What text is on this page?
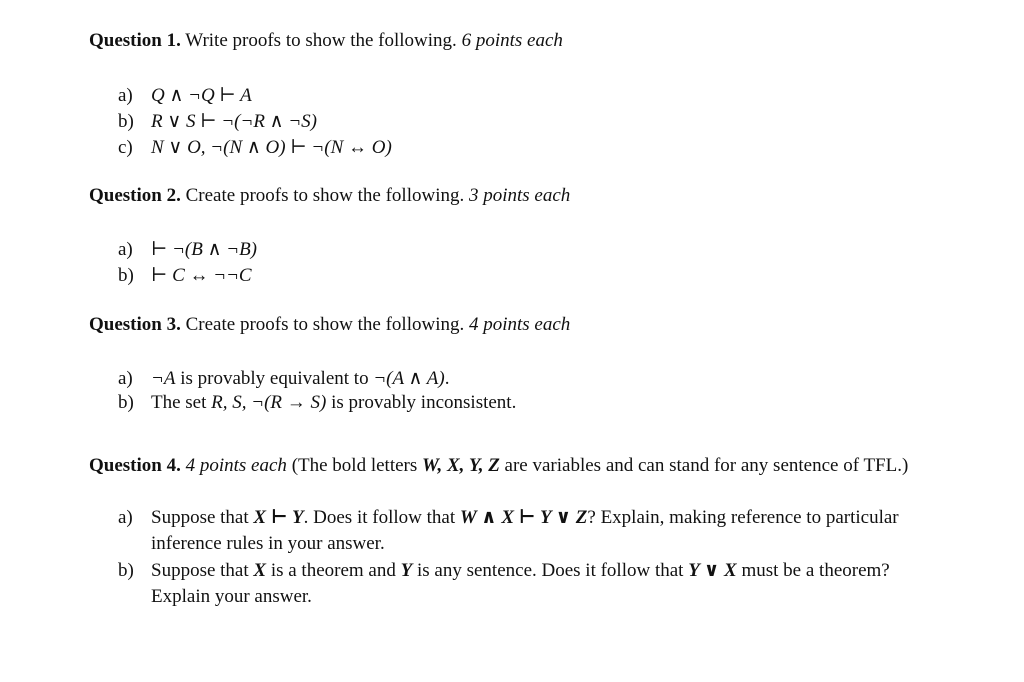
Question 1. Write proofs to show the following. 6 points each
a) Q ∧ ¬Q ⊢ A
b) R ∨ S ⊢ ¬(¬R ∧ ¬S)
c) N ∨ O, ¬(N ∧ O) ⊢ ¬(N ↔ O)
Question 2. Create proofs to show the following. 3 points each
a) ⊢ ¬(B ∧ ¬B)
b) ⊢ C ↔ ¬¬C
Question 3. Create proofs to show the following. 4 points each
a) ¬A is provably equivalent to ¬(A ∧ A).
b) The set R, S, ¬(R → S) is provably inconsistent.
Question 4. 4 points each (The bold letters W, X, Y, Z are variables and can stand for any sentence of TFL.)
a) Suppose that X ⊢ Y. Does it follow that W ∧ X ⊢ Y ∨ Z? Explain, making reference to particular inference rules in your answer.
b) Suppose that X is a theorem and Y is any sentence. Does it follow that Y ∨ X must be a theorem? Explain your answer.
